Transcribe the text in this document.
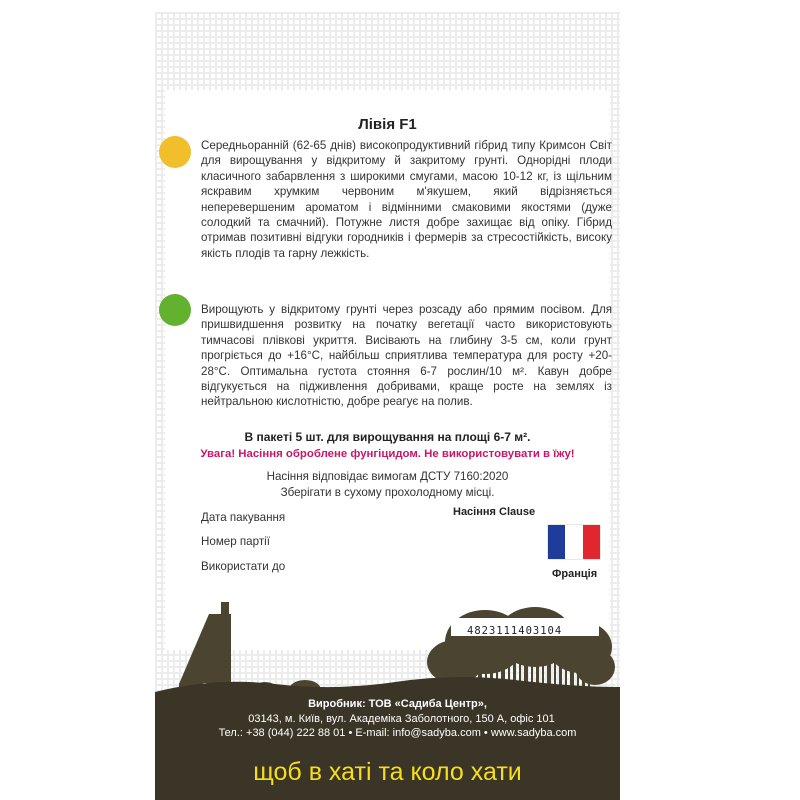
Лівія F1
Середньоранній (62-65 днів) високопродуктивний гібрид типу Кримсон Світ для вирощування у відкритому й закритому грунті. Однорідні плоди класичного забарвлення з широкими смугами, масою 10-12 кг, із щільним яскравим хрумким червоним м'якушем, який відрізняється неперевершеним ароматом і відмінними смаковими якостями (дуже солодкий та смачний). Потужне листя добре захищає від опіку. Гібрид отримав позитивні відгуки городників і фермерів за стресостійкість, високу якість плодів та гарну лежкість.
Вирощують у відкритому грунті через розсаду або прямим посівом. Для пришвидшення розвитку на початку вегетації часто використовують тимчасові плівкові укриття. Висівають на глибину 3-5 см, коли грунт прогріється до +16°С, найбільш сприятлива температура для росту +20-28°С. Оптимальна густота стояння 6-7 рослин/10 м². Кавун добре відгукується на підживлення добривами, краще росте на землях із нейтральною кислотністю, добре реагує на полив.
В пакеті 5 шт. для вирощування на площі 6-7 м².
Увага! Насіння оброблене фунгіцидом. Не використовувати в їжу!
Насіння відповідає вимогам ДСТУ 7160:2020
Зберігати в сухому прохолодному місці.
Дата пакування
Номер партії
Використати до
Насіння Clause
Франція
4823111403104
Виробник: ТОВ «Садиба Центр»,
03143, м. Київ, вул. Академіка Заболотного, 150 А, офіс 101
Тел.: +38 (044) 222 88 01 • E-mail: info@sadyba.com • www.sadyba.com
щоб в хаті та коло хати
